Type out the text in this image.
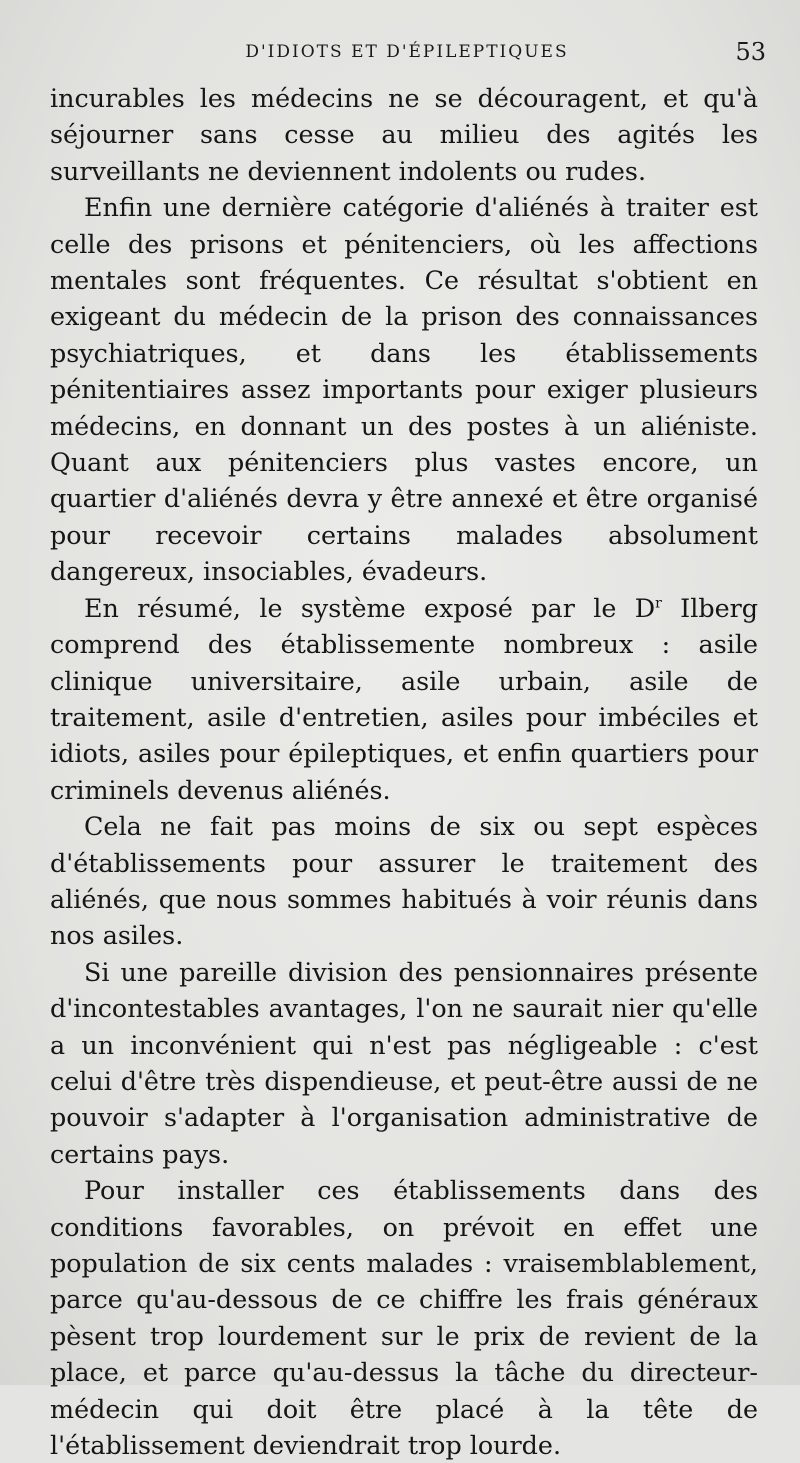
D'IDIOTS ET D'ÉPILEPTIQUES	53

incurables les médecins ne se découragent, et qu'à séjourner sans cesse au milieu des agités les surveillants ne deviennent indolents ou rudes.

Enfin une dernière catégorie d'aliénés à traiter est celle des prisons et pénitenciers, où les affections mentales sont fréquentes. Ce résultat s'obtient en exigeant du médecin de la prison des connaissances psychiatriques, et dans les établissements pénitentiaires assez importants pour exiger plusieurs médecins, en donnant un des postes à un aliéniste. Quant aux pénitenciers plus vastes encore, un quartier d'aliénés devra y être annexé et être organisé pour recevoir certains malades absolument dangereux, insociables, évadeurs.

En résumé, le système exposé par le $D^r$ Ilberg comprend des établissemente nombreux : asile clinique universitaire, asile urbain, asile de traitement, asile d'entretien, asiles pour imbéciles et idiots, asiles pour épileptiques, et enfin quartiers pour criminels devenus aliénés.

Cela ne fait pas moins de six ou sept espèces d'établissements pour assurer le traitement des aliénés, que nous sommes habitués à voir réunis dans nos asiles.

Si une pareille division des pensionnaires présente d'incontestables avantages, l'on ne saurait nier qu'elle a un inconvénient qui n'est pas négligeable : c'est celui d'être très dispendieuse, et peut-être aussi de ne pouvoir s'adapter à l'organisation administrative de certains pays.

Pour installer ces établissements dans des conditions favorables, on prévoit en effet une population de six cents malades : vraisemblablement, parce qu'au-dessous de ce chiffre les frais généraux pèsent trop lourdement sur le prix de revient de la place, et parce qu'au-dessus la tâche du directeur-médecin qui doit être placé à la tête de l'établissement deviendrait trop lourde.
